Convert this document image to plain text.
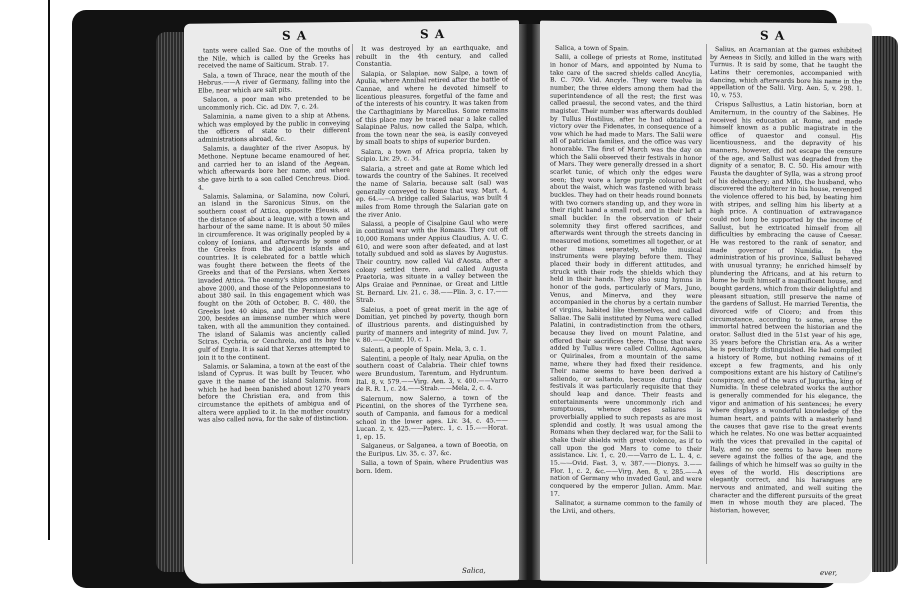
S A	S A

tants were called Sae. One of the mouths of the Nile, which is called by the Greeks has received the name of Saiticum. Strab. 17.

Sala, a town of Thrace, near the mouth of the Hebrus.——A river of Germany, falling into the Elbe, near which are salt pits.

Salacon, a poor man who pretended to be uncommonly rich. Cic. ad Div. 7, c. 24.

Salaminia, a name given to a ship at Athens, which was employed by the public in conveying the officers of state to their different administrations abroad, &c.

Salamis, a daughter of the river Asopus, by Methone. Neptune became enamoured of her, and carried her to an island of the Aegean, which afterwards bore her name, and where she gave birth to a son called Cenchreus. Diod. 4.

Salamis, Salamina, or Salamina, now Coluri, an island in the Saronicus Sinus, on the southern coast of Attica, opposite Eleusis, at the distance of about a league, with a town and harbour of the same name. It is about 50 miles in circumference. It was originally peopled by a colony of Ionians, and afterwards by some of the Greeks from the adjacent islands and countries. It is celebrated for a battle which was fought there between the fleets of the Greeks and that of the Persians, when Xerxes invaded Attica. The enemy's ships amounted to above 2000, and those of the Peloponnesians to about 380 sail. In this engagement which was fought on the 20th of October, B. C. 480, the Greeks lost 40 ships, and the Persians about 200, besides an immense number which were taken, with all the ammunition they contained. The island of Salamis was anciently called Sciras, Cychria, or Cenchreia, and its bay the gulf of Engia. It is said that Xerxes attempted to join it to the continent.

Salamis, or Salamina, a town at the east of the island of Cyprus. It was built by Teucer, who gave it the name of the island Salamis, from which he had been banished about 1270 years before the Christian era, and from this circumstance the epithets of ambigua and of altera were applied to it. In the mother country was also called nova, for the sake of distinction.

It was destroyed by an earthquake, and rebuilt in the 4th century, and called Constantia.

Salapia, or Salapiae, now Salpe, a town of Apulia, where Annibal retired after the battle of Cannae, and where he devoted himself to licentious pleasures, forgetful of the fame and of the interests of his country. It was taken from the Carthaginians by Marcellus. Some remains of this place may be traced near a lake called Salapinae Palus, now called the Salpa, which, from the town near the sea, is easily conveyed by small boats to ships of superior burden.

Salara, a town of Africa propria, taken by Scipio. Liv. 29, c. 34.

Salaria, a street and gate at Rome which led towards the country of the Sabines. It received the name of Salaria, because salt (sal) was generally conveyed to Rome that way. Mart. 4, ep. 64.——A bridge called Salarius, was built 4 miles from Rome through the Salarian gate on the river Anio.

Salassi, a people of Cisalpine Gaul who were in continual war with the Romans. They cut off 10,000 Romans under Appius Claudius, A. U. C. 610, and were soon after defeated, and at last totally subdued and sold as slaves by Augustus. Their country, now called Val d'Aosta, after a colony settled there, and called Augusta Praetoria, was situate in a valley between the Alps Graiae and Penninae, or Great and Little St. Bernard. Liv. 21, c. 38.——Plin. 3, c. 17.——Strab.

Saleius, a poet of great merit in the age of Domitian, yet pinched by poverty, though born of illustrious parents, and distinguished by purity of manners and integrity of mind. Juv. 7, v. 80.——Quint. 10, c. 1.

Salenti, a people of Spain. Mela, 3, c. 1.

Salentini, a people of Italy, near Apulia, on the southern coast of Calabria. Their chief towns were Brundusium, Tarentum, and Hydruntum. Ital. 8, v. 579.——Virg. Aen. 3, v. 400.——Varro de R. R. 1, c. 24.——Strab.——Mela, 2, c. 4.

Salernum, now Salerno, a town of the Picentini, on the shores of the Tyrrhene sea, south of Campania, and famous for a medical school in the lower ages. Liv. 34, c. 45.——Lucan. 2, v. 425.——Paterc. 1, c. 15.——Horat. 1, ep. 15.

Salganeus, or Salganea, a town of Boeotia, on the Euripus. Liv. 35, c. 37, &c.

Salia, a town of Spain, where Prudentius was born. Idem.

Salica,
S A

Salica, a town of Spain.

Salii, a college of priests at Rome, instituted in honor of Mars, and appointed by Numa to take care of the sacred shields called Ancylia, B. C. 709. Vid. Ancyle. They were twelve in number, the three elders among them had the superintendence of all the rest; the first was called praesul, the second vates, and the third magister. Their number was afterwards doubled by Tullus Hostilius, after he had obtained a victory over the Fidenates, in consequence of a vow which he had made to Mars. The Salii were all of patrician families, and the office was very honorable. The first of March was the day on which the Salii observed their festivals in honor of Mars. They were generally dressed in a short scarlet tunic, of which only the edges were seen; they wore a large purple coloured belt about the waist, which was fastened with brass buckles. They had on their heads round bonnets with two corners standing up, and they wore in their right hand a small rod, and in their left a small buckler. In the observation of their solemnity they first offered sacrifices, and afterwards went through the streets dancing in measured motions, sometimes all together, or at other times separately, while musical instruments were playing before them. They placed their body in different attitudes, and struck with their rods the shields which they held in their hands. They also sung hymns in honor of the gods, particularly of Mars, Juno, Venus, and Minerva, and they were accompanied in the chorus by a certain number of virgins, habited like themselves, and called Saliae. The Salii instituted by Numa were called Palatini, in contradistinction from the others, because they lived on mount Palatine, and offered their sacrifices there. Those that were added by Tullus were called Collini, Agonales, or Quirinales, from a mountain of the same name, where they had fixed their residence. Their name seems to have been derived a saliendo, or saltando, because during their festivals it was particularly requisite that they should leap and dance. Their feasts and entertainments were uncommonly rich and sumptuous, whence dapes saliares is proverbially applied to such repasts as are most splendid and costly. It was usual among the Romans when they declared war, for the Salii to shake their shields with great violence, as if to call upon the god Mars to come to their assistance. Liv. 1, c. 20.——Varro de L. L. 4, c. 15.——Ovid. Fast. 3, v. 387.——Dionys. 3.——Flor. 1, c. 2, &c.——Virg. Aen. 8, v. 285.——A nation of Germany who invaded Gaul, and were conquered by the emperor Julian. Amm. Mar. 17.

Salinator, a surname common to the family of the Livii, and others.

Salius, an Acarnanian at the games exhibited by Aeneas in Sicily, and killed in the wars with Turnus. It is said by some, that he taught the Latins their ceremonies, accompanied with dancing, which afterwards bore his name in the appellation of the Salii. Virg. Aen. 5, v. 298. 1. 10, v. 753.

Crispus Sallustius, a Latin historian, born at Amiternum, in the country of the Sabines. He received his education at Rome, and made himself known as a public magistrate in the office of quaestor and consul. His licentiousness, and the depravity of his manners, however, did not escape the censure of the age, and Sallust was degraded from the dignity of a senator, B. C. 50. His amour with Fausta the daughter of Sylla, was a strong proof of his debauchery; and Milo, the husband, who discovered the adulterer in his house, revenged the violence offered to his bed, by beating him with stripes, and selling him his liberty at a high price. A continuation of extravagance could not long be supported by the income of Sallust, but he extricated himself from all difficulties by embracing the cause of Caesar. He was restored to the rank of senator, and made governor of Numidia. In the administration of his province, Sallust behaved with unusual tyranny; he enriched himself by plundering the Africans, and at his return to Rome he built himself a magnificent house, and bought gardens, which from their delightful and pleasant situation, still preserve the name of the gardens of Sallust. He married Terentia, the divorced wife of Cicero; and from this circumstance, according to some, arose the immortal hatred between the historian and the orator. Sallust died in the 51st year of his age, 35 years before the Christian era. As a writer he is peculiarly distinguished. He had compiled a history of Rome, but nothing remains of it except a few fragments, and his only compositions extant are his history of Catiline's conspiracy, and of the wars of Jugurtha, king of Numidia. In these celebrated works the author is generally commended for his elegance, the vigor and animation of his sentences; he every where displays a wonderful knowledge of the human heart, and paints with a masterly hand the causes that gave rise to the great events which he relates. No one was better acquainted with the vices that prevailed in the capital of Italy, and no one seems to have been more severe against the follies of the age, and the failings of which he himself was so guilty in the eyes of the world. His descriptions are elegantly correct, and his harangues are nervous and animated, and well suiting the character and the different pursuits of the great men in whose mouth they are placed. The historian, however,

ever,
